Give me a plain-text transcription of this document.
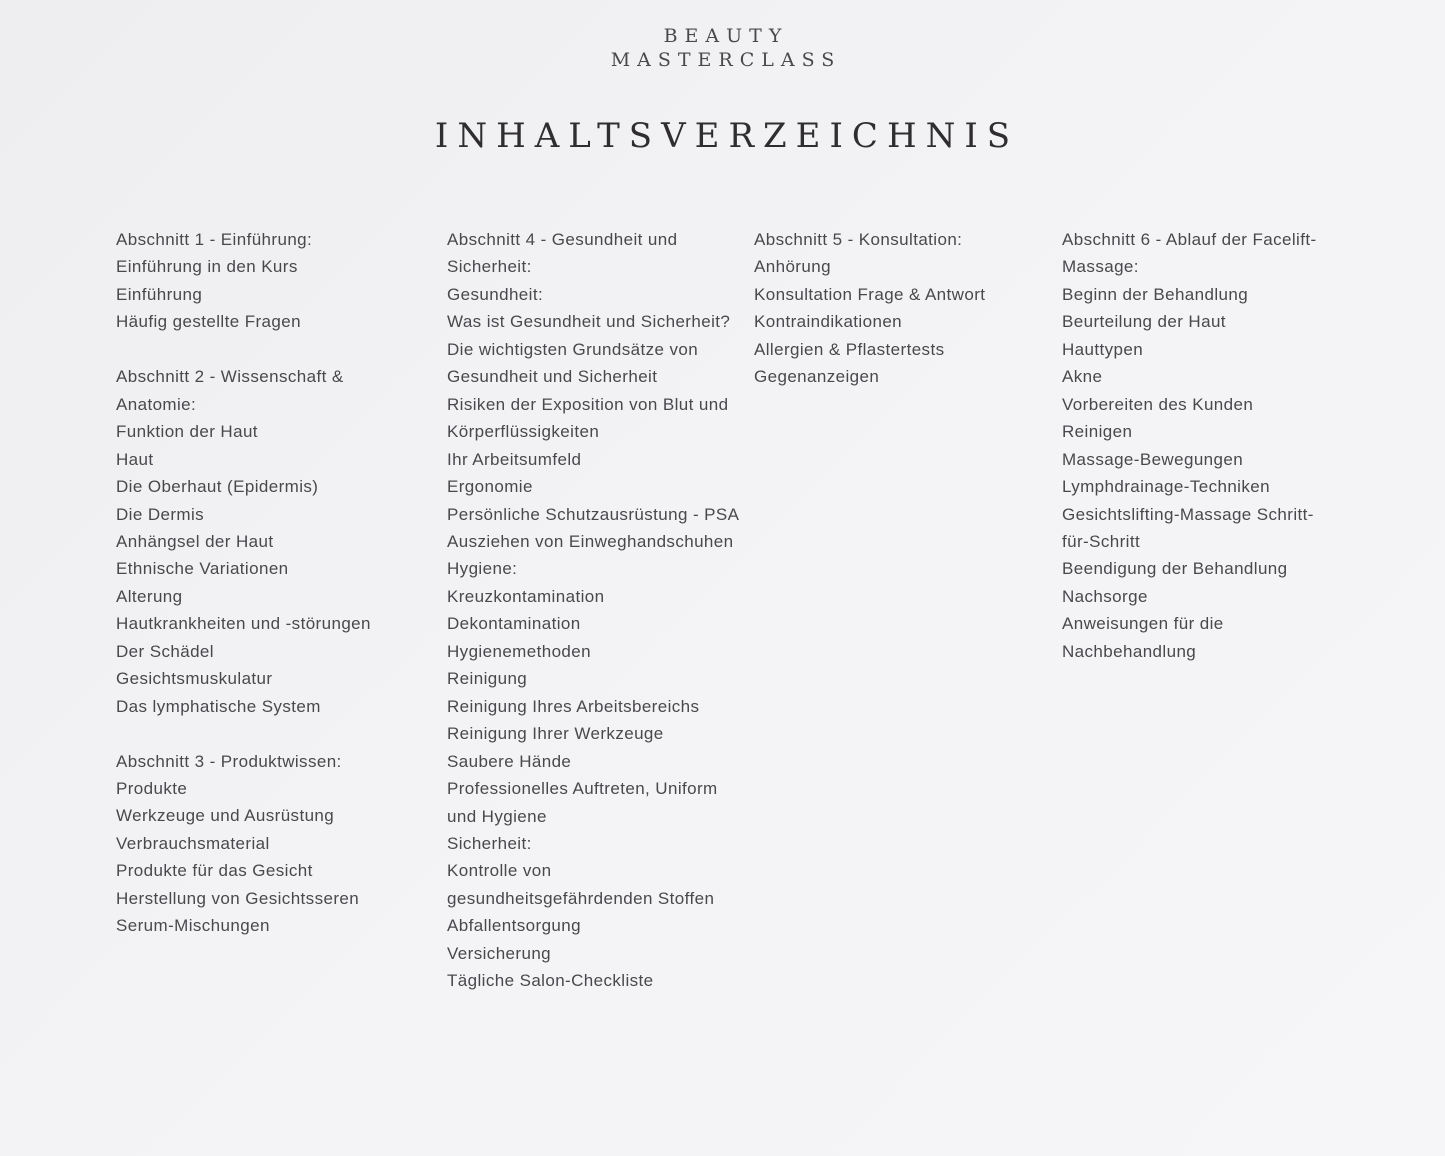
BEAUTY
MASTERCLASS
INHALTSVERZEICHNIS
Abschnitt 1 - Einführung:
Einführung in den Kurs
Einführung
Häufig gestellte Fragen
Abschnitt 2 - Wissenschaft & Anatomie:
Funktion der Haut
Haut
Die Oberhaut (Epidermis)
Die Dermis
Anhängsel der Haut
Ethnische Variationen
Alterung
Hautkrankheiten und -störungen
Der Schädel
Gesichtsmuskulatur
Das lymphatische System
Abschnitt 3 - Produktwissen:
Produkte
Werkzeuge und Ausrüstung
Verbrauchsmaterial
Produkte für das Gesicht
Herstellung von Gesichtsseren
Serum-Mischungen
Abschnitt 4 - Gesundheit und Sicherheit:
Gesundheit:
Was ist Gesundheit und Sicherheit?
Die wichtigsten Grundsätze von Gesundheit und Sicherheit
Risiken der Exposition von Blut und Körperflüssigkeiten
Ihr Arbeitsumfeld
Ergonomie
Persönliche Schutzausrüstung - PSA
Ausziehen von Einweghandschuhen
Hygiene:
Kreuzkontamination
Dekontamination
Hygienemethoden
Reinigung
Reinigung Ihres Arbeitsbereichs
Reinigung Ihrer Werkzeuge
Saubere Hände
Professionelles Auftreten, Uniform und Hygiene
Sicherheit:
Kontrolle von gesundheitsgefährdenden Stoffen
Abfallentsorgung
Versicherung
Tägliche Salon-Checkliste
Abschnitt 5 - Konsultation:
Anhörung
Konsultation Frage & Antwort
Kontraindikationen
Allergien & Pflastertests
Gegenanzeigen
Abschnitt 6 - Ablauf der Facelift-Massage:
Beginn der Behandlung
Beurteilung der Haut
Hauttypen
Akne
Vorbereiten des Kunden
Reinigen
Massage-Bewegungen
Lymphdrainage-Techniken
Gesichtslifting-Massage Schritt-für-Schritt
Beendigung der Behandlung
Nachsorge
Anweisungen für die Nachbehandlung
